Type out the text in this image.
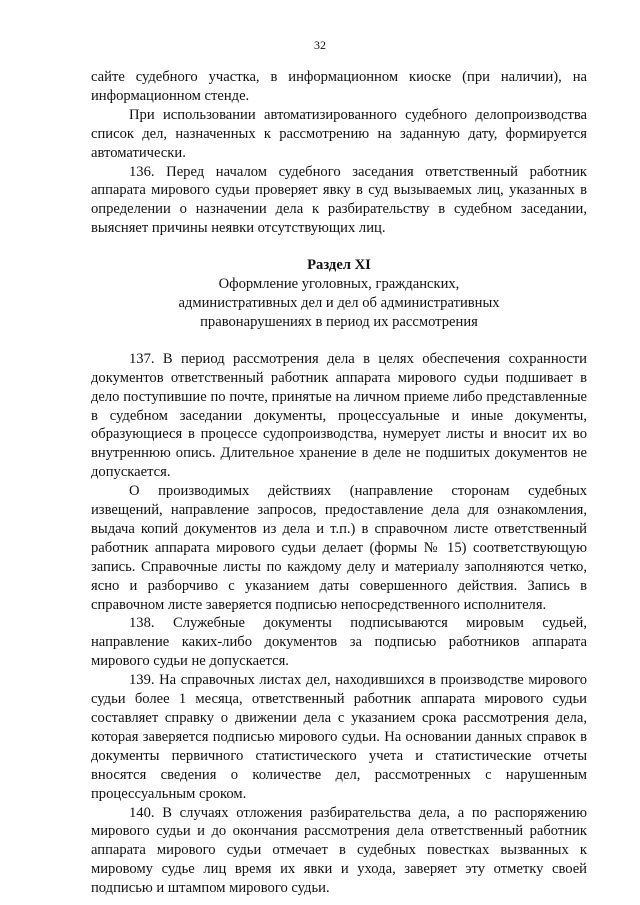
32

сайте судебного участка, в информационном киоске (при наличии), на информационном стенде.

При использовании автоматизированного судебного делопроизводства список дел, назначенных к рассмотрению на заданную дату, формируется автоматически.

136. Перед началом судебного заседания ответственный работник аппарата мирового судьи проверяет явку в суд вызываемых лиц, указанных в определении о назначении дела к разбирательству в судебном заседании, выясняет причины неявки отсутствующих лиц.

Раздел XI

Оформление уголовных, гражданских,
административных дел и дел об административных
правонарушениях в период их рассмотрения

137. В период рассмотрения дела в целях обеспечения сохранности документов ответственный работник аппарата мирового судьи подшивает в дело поступившие по почте, принятые на личном приеме либо представленные в судебном заседании документы, процессуальные и иные документы, образующиеся в процессе судопроизводства, нумерует листы и вносит их во внутреннюю опись. Длительное хранение в деле не подшитых документов не допускается.

О производимых действиях (направление сторонам судебных извещений, направление запросов, предоставление дела для ознакомления, выдача копий документов из дела и т.п.) в справочном листе ответственный работник аппарата мирового судьи делает (формы № 15) соответствующую запись. Справочные листы по каждому делу и материалу заполняются четко, ясно и разборчиво с указанием даты совершенного действия. Запись в справочном листе заверяется подписью непосредственного исполнителя.

138. Служебные документы подписываются мировым судьей, направление каких-либо документов за подписью работников аппарата мирового судьи не допускается.

139. На справочных листах дел, находившихся в производстве мирового судьи более 1 месяца, ответственный работник аппарата мирового судьи составляет справку о движении дела с указанием срока рассмотрения дела, которая заверяется подписью мирового судьи. На основании данных справок в документы первичного статистического учета и статистические отчеты вносятся сведения о количестве дел, рассмотренных с нарушенным процессуальным сроком.

140. В случаях отложения разбирательства дела, а по распоряжению мирового судьи и до окончания рассмотрения дела ответственный работник аппарата мирового судьи отмечает в судебных повестках вызванных к мировому судье лиц время их явки и ухода, заверяет эту отметку своей подписью и штампом мирового судьи.
